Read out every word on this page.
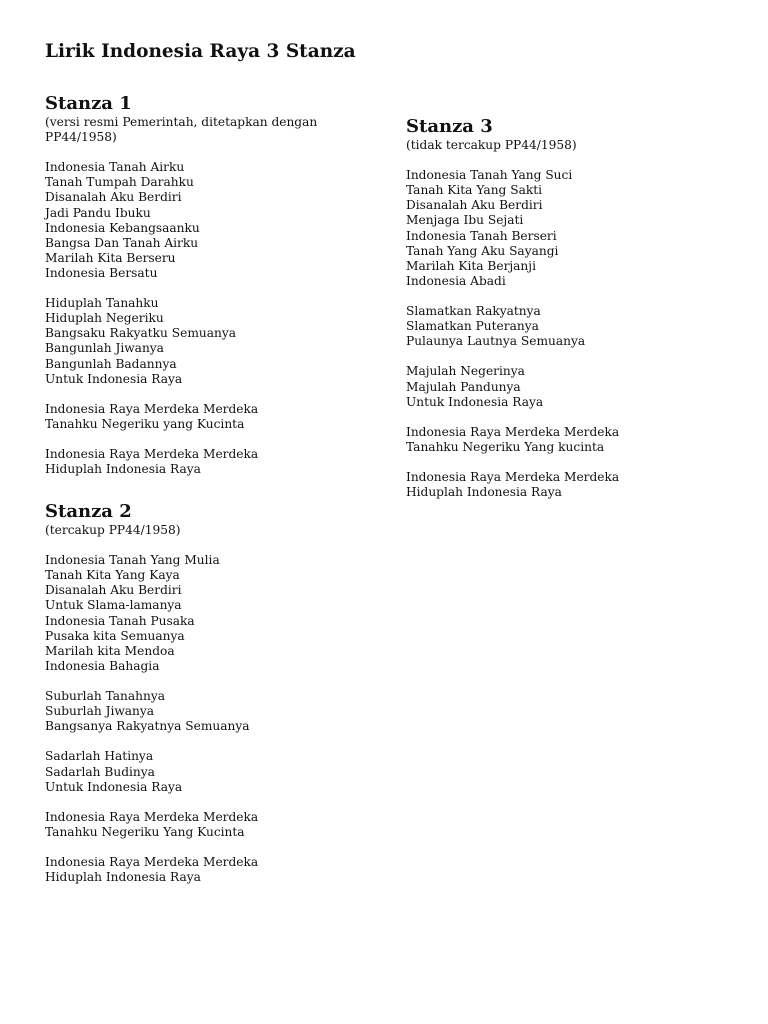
Lirik Indonesia Raya 3 Stanza
Stanza 1

(versi resmi Pemerintah, ditetapkan dengan PP44/1958)

Indonesia Tanah Airku
Tanah Tumpah Darahku
Disanalah Aku Berdiri
Jadi Pandu Ibuku
Indonesia Kebangsaanku
Bangsa Dan Tanah Airku
Marilah Kita Berseru
Indonesia Bersatu
Hiduplah Tanahku
Hiduplah Negeriku
Bangsaku Rakyatku Semuanya
Bangunlah Jiwanya
Bangunlah Badannya
Untuk Indonesia Raya
Indonesia Raya Merdeka Merdeka
Tanahku Negeriku yang Kucinta
Indonesia Raya Merdeka Merdeka
Hiduplah Indonesia Raya
Stanza 2

(tercakup PP44/1958)

Indonesia Tanah Yang Mulia
Tanah Kita Yang Kaya
Disanalah Aku Berdiri
Untuk Slama-lamanya
Indonesia Tanah Pusaka
Pusaka kita Semuanya
Marilah kita Mendoa
Indonesia Bahagia
Suburlah Tanahnya
Suburlah Jiwanya
Bangsanya Rakyatnya Semuanya
Sadarlah Hatinya
Sadarlah Budinya
Untuk Indonesia Raya
Indonesia Raya Merdeka Merdeka
Tanahku Negeriku Yang Kucinta
Indonesia Raya Merdeka Merdeka
Hiduplah Indonesia Raya
Stanza 3

(tidak tercakup PP44/1958)

Indonesia Tanah Yang Suci
Tanah Kita Yang Sakti
Disanalah Aku Berdiri
Menjaga Ibu Sejati
Indonesia Tanah Berseri
Tanah Yang Aku Sayangi
Marilah Kita Berjanji
Indonesia Abadi
Slamatkan Rakyatnya
Slamatkan Puteranya
Pulaunya Lautnya Semuanya
Majulah Negerinya
Majulah Pandunya
Untuk Indonesia Raya
Indonesia Raya Merdeka Merdeka
Tanahku Negeriku Yang kucinta
Indonesia Raya Merdeka Merdeka
Hiduplah Indonesia Raya
